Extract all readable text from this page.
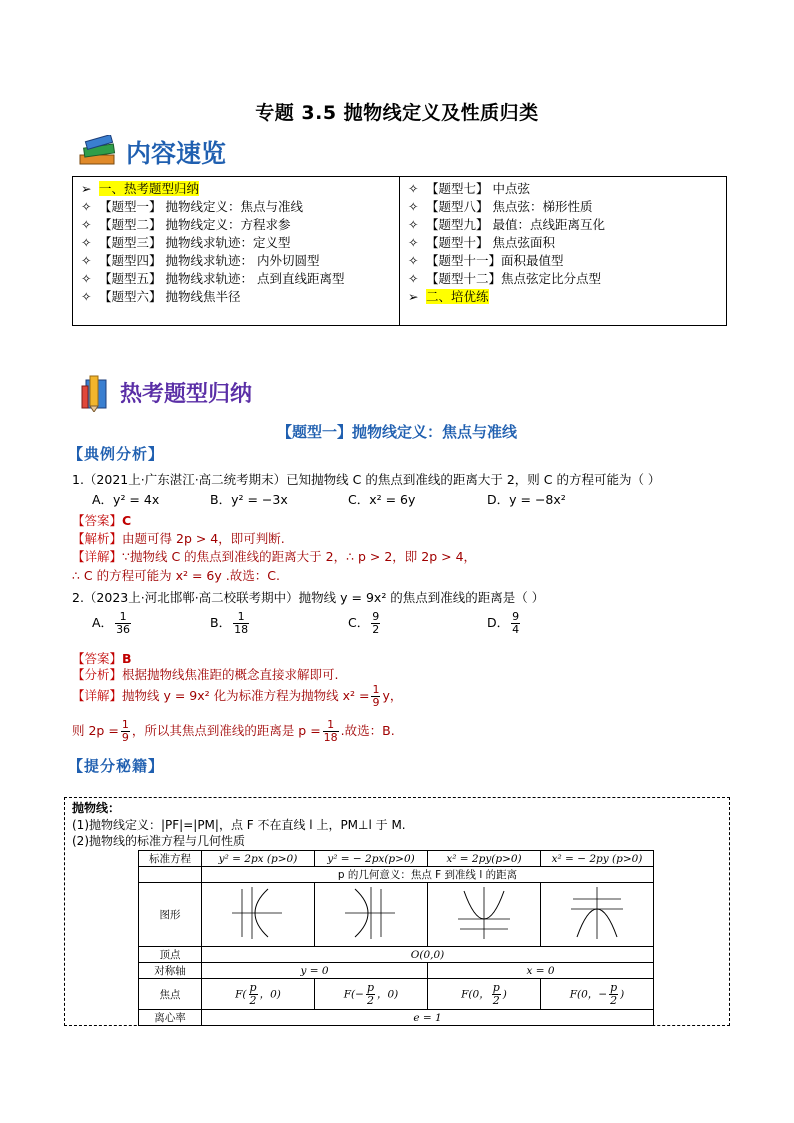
专题 3.5 抛物线定义及性质归类
内容速览
➢ 一、热考题型归纳
✧ 【题型一】 抛物线定义：焦点与准线
✧ 【题型二】 抛物线定义：方程求参
✧ 【题型三】 抛物线求轨迹：定义型
✧ 【题型四】 抛物线求轨迹： 内外切圆型
✧ 【题型五】 抛物线求轨迹： 点到直线距离型
✧ 【题型六】 抛物线焦半径
✧ 【题型七】 中点弦
✧ 【题型八】 焦点弦：梯形性质
✧ 【题型九】 最值：点线距离互化
✧ 【题型十】 焦点弦面积
✧ 【题型十一】面积最值型
✧ 【题型十二】焦点弦定比分点型
➢ 二、培优练
热考题型归纳
【题型一】抛物线定义：焦点与准线
【典例分析】
1.（2021上·广东湛江·高二统考期末）已知抛物线 C 的焦点到准线的距离大于 2，则 C 的方程可能为（ ）
A．y² = 4x	B．y² = −3x	C．x² = 6y	D．y = −8x²
【答案】C
【解析】由题可得 2p > 4，即可判断.
【详解】∵抛物线 C 的焦点到准线的距离大于 2，∴ p > 2，即 2p > 4，
∴ C 的方程可能为 x² = 6y .故选：C.
2.（2023上·河北邯郸·高二校联考期中）抛物线 y = 9x² 的焦点到准线的距离是（ ）
A． $\frac{1}{36}$	B． $\frac{1}{18}$	C． $\frac{9}{2}$	D． $\frac{9}{4}$
【答案】B
【分析】根据抛物线焦准距的概念直接求解即可.
【详解】抛物线 y = 9x² 化为标准方程为抛物线 $x^2 = \frac{1}{9}$ y，
则 $2p = \frac{1}{9}$ ，所以其焦点到准线的距离是 $p = \frac{1}{18}$ .故选：B.
【提分秘籍】
抛物线：
(1)抛物线定义：|PF|=|PM|，点 F 不在直线 l 上，PM⊥l 于 M.
(2)抛物线的标准方程与几何性质
标准方程	y² = 2px (p>0)	y² = − 2px(p>0)	x² = 2py(p>0)	x² = − 2py (p>0)
	p 的几何意义：焦点 F 到准线 l 的距离			
图形				
顶点	O(0,0)			
对称轴	y = 0		x = 0	
焦点	$F( \frac{p}{2}$ ，0)	$F(- \frac{p}{2}$ ，0)	F(0， $\frac{p}{2}$ )	F(0，− $\frac{p}{2}$ )
离心率	e = 1			
